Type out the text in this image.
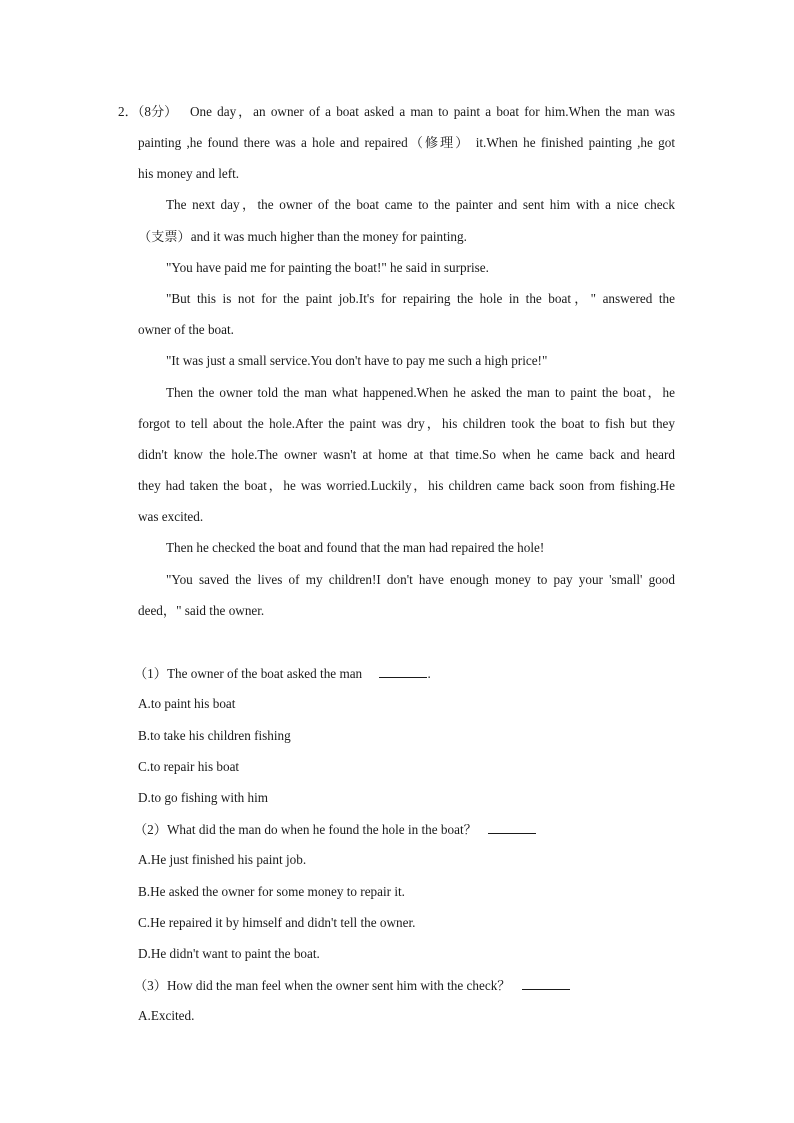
2．（8分） One day，an owner of a boat asked a man to paint a boat for him.When the man was
painting ,he found there was a hole and repaired（修理） it.When he finished painting ,he got
his money and left.
The next day，the owner of the boat came to the painter and sent him with a nice check
（支票）and it was much higher than the money for painting.
"You have paid me for painting the boat!" he said in surprise.
"But this is not for the paint job.It's for repairing the hole in the boat，" answered the
owner of the boat.
"It was just a small service.You don't have to pay me such a high price!"
Then the owner told the man what happened.When he asked the man to paint the boat，he
forgot to tell about the hole.After the paint was dry，his children took the boat to fish but they
didn't know the hole.The owner wasn't at home at that time.So when he came back and heard
they had taken the boat，he was worried.Luckily，his children came back soon from fishing.He
was excited.
Then he checked the boat and found that the man had repaired the hole!
"You saved the lives of my children!I don't have enough money to pay your 'small' good
deed，" said the owner.
（1）The owner of the boat asked the man	.
A.to paint his boat
B.to take his children fishing
C.to repair his boat
D.to go fishing with him
（2）What did the man do when he found the hole in the boat？
A.He just finished his paint job.
B.He asked the owner for some money to repair it.
C.He repaired it by himself and didn't tell the owner.
D.He didn't want to paint the boat.
（3）How did the man feel when the owner sent him with the check？
A.Excited.
